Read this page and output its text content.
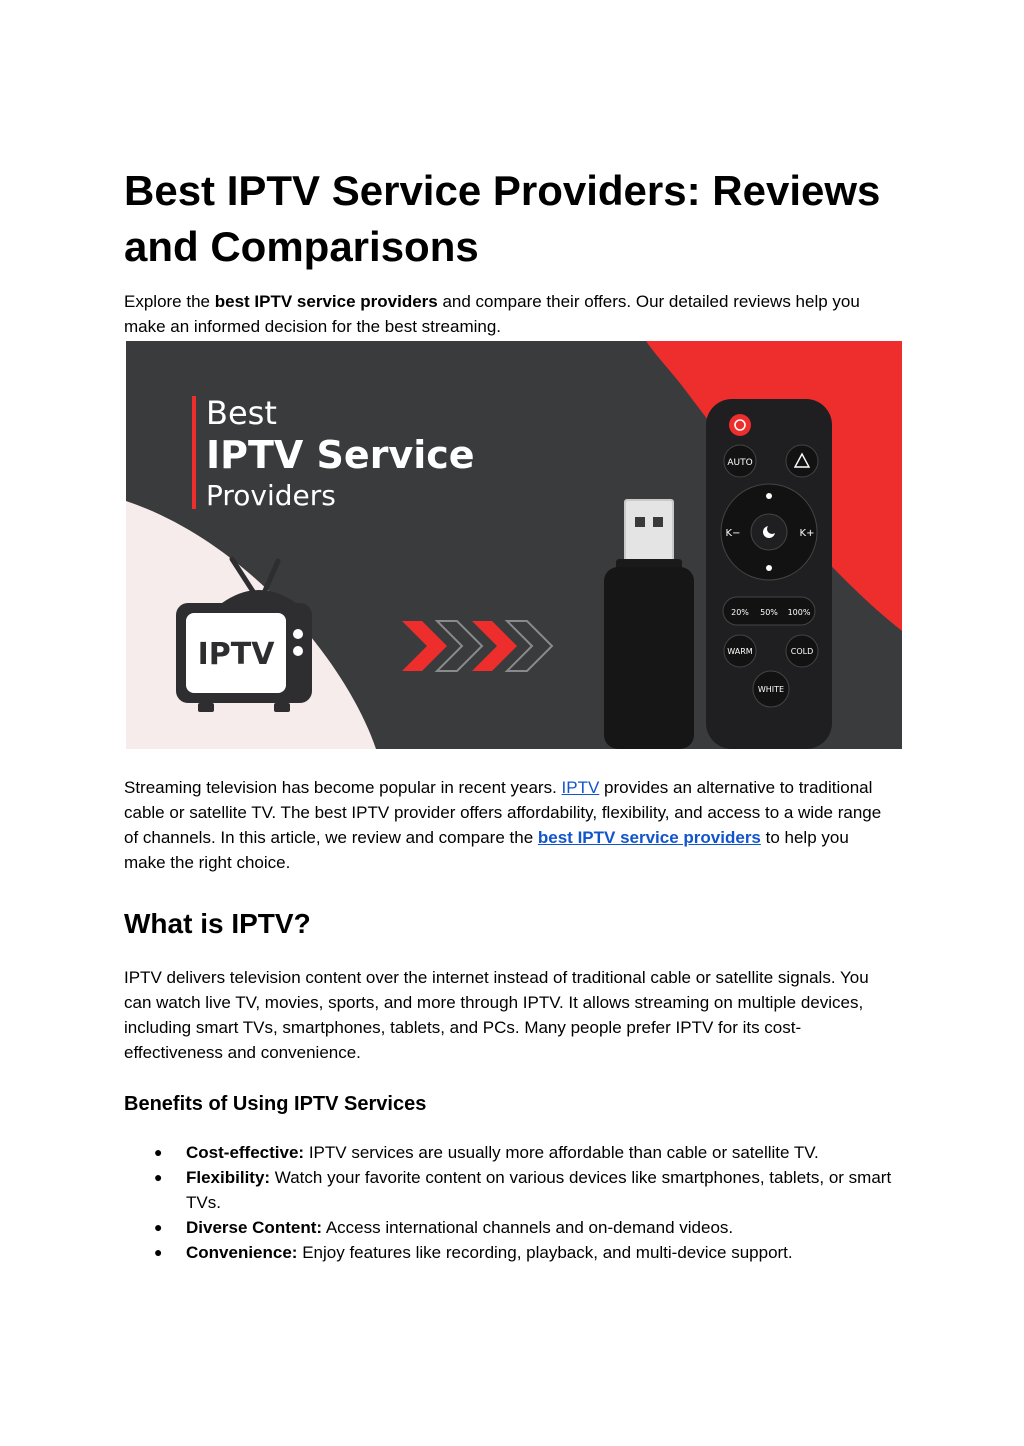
Best IPTV Service Providers: Reviews and Comparisons

Explore the best IPTV service providers and compare their offers. Our detailed reviews help you make an informed decision for the best streaming.

Best
IPTV Service
Providers
IPTV
AUTO
K−	K+
20% 50% 100%
WARM	COLD
WHITE

Streaming television has become popular in recent years. IPTV provides an alternative to traditional cable or satellite TV. The best IPTV provider offers affordability, flexibility, and access to a wide range of channels. In this article, we review and compare the best IPTV service providers to help you make the right choice.

What is IPTV?

IPTV delivers television content over the internet instead of traditional cable or satellite signals. You can watch live TV, movies, sports, and more through IPTV. It allows streaming on multiple devices, including smart TVs, smartphones, tablets, and PCs. Many people prefer IPTV for its cost-effectiveness and convenience.

Benefits of Using IPTV Services
● Cost-effective: IPTV services are usually more affordable than cable or satellite TV.
● Flexibility: Watch your favorite content on various devices like smartphones, tablets, or smart TVs.
● Diverse Content: Access international channels and on-demand videos.
● Convenience: Enjoy features like recording, playback, and multi-device support.
